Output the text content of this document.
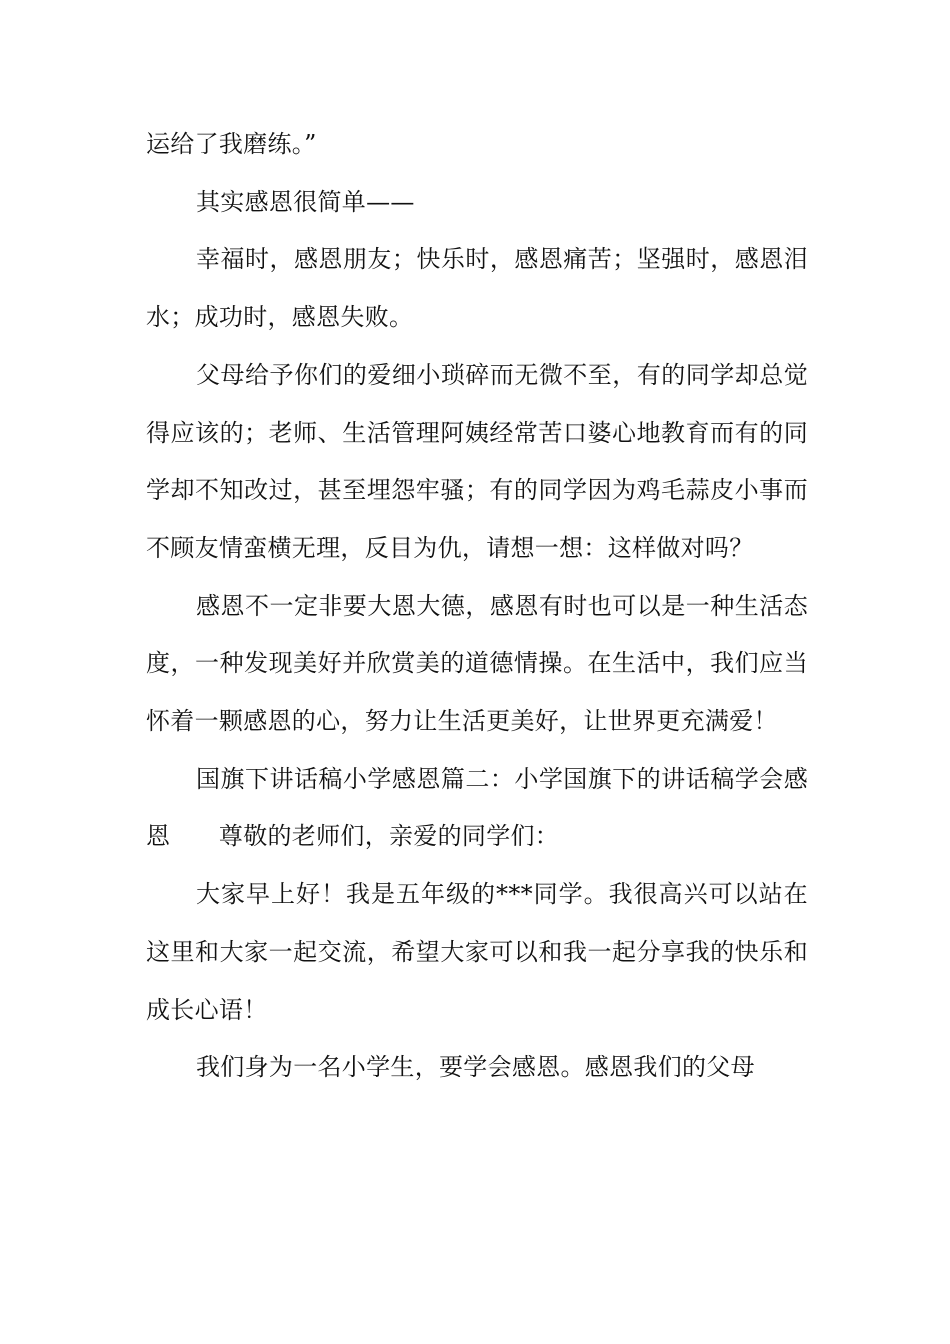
运给了我磨练。”

其实感恩很简单——

幸福时，感恩朋友；快乐时，感恩痛苦；坚强时，感恩泪水；成功时，感恩失败。

父母给予你们的爱细小琐碎而无微不至，有的同学却总觉得应该的；老师、生活管理阿姨经常苦口婆心地教育而有的同学却不知改过，甚至埋怨牢骚；有的同学因为鸡毛蒜皮小事而不顾友情蛮横无理，反目为仇，请想一想：这样做对吗？

感恩不一定非要大恩大德，感恩有时也可以是一种生活态度，一种发现美好并欣赏美的道德情操。在生活中，我们应当怀着一颗感恩的心，努力让生活更美好，让世界更充满爱！

国旗下讲话稿小学感恩篇二：小学国旗下的讲话稿学会感恩　　尊敬的老师们，亲爱的同学们：

大家早上好！我是五年级的***同学。我很高兴可以站在这里和大家一起交流，希望大家可以和我一起分享我的快乐和成长心语！

我们身为一名小学生，要学会感恩。感恩我们的父母
